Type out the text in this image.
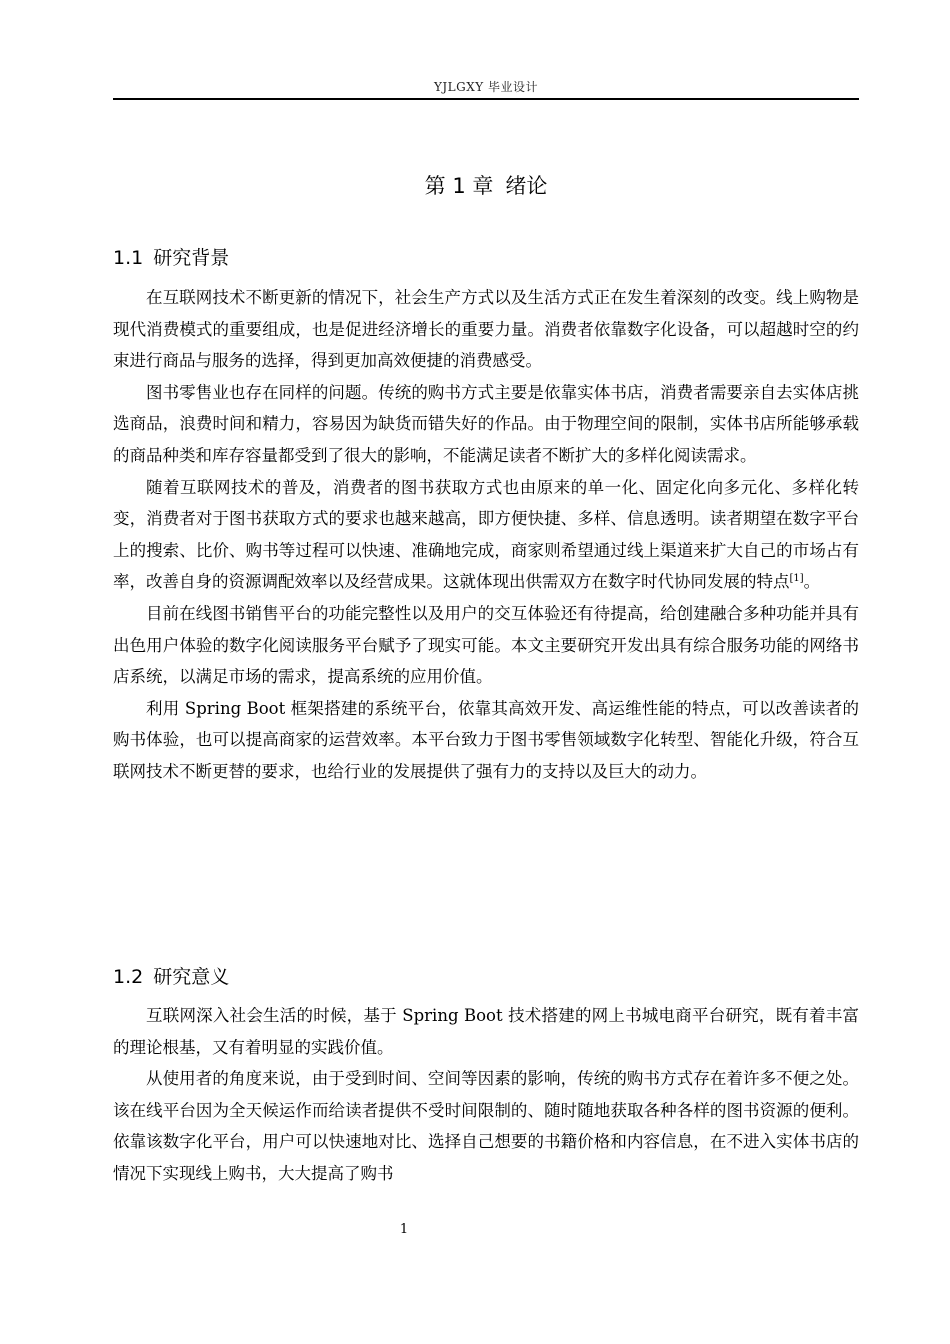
YJLGXY 毕业设计
第 1 章 绪论
1.1 研究背景

在互联网技术不断更新的情况下，社会生产方式以及生活方式正在发生着深刻的改变。线上购物是现代消费模式的重要组成，也是促进经济增长的重要力量。消费者依靠数字化设备，可以超越时空的约束进行商品与服务的选择，得到更加高效便捷的消费感受。

图书零售业也存在同样的问题。传统的购书方式主要是依靠实体书店，消费者需要亲自去实体店挑选商品，浪费时间和精力，容易因为缺货而错失好的作品。由于物理空间的限制，实体书店所能够承载的商品种类和库存容量都受到了很大的影响，不能满足读者不断扩大的多样化阅读需求。

随着互联网技术的普及，消费者的图书获取方式也由原来的单一化、固定化向多元化、多样化转变，消费者对于图书获取方式的要求也越来越高，即方便快捷、多样、信息透明。读者期望在数字平台上的搜索、比价、购书等过程可以快速、准确地完成，商家则希望通过线上渠道来扩大自己的市场占有率，改善自身的资源调配效率以及经营成果。这就体现出供需双方在数字时代协同发展的特点[1]。

目前在线图书销售平台的功能完整性以及用户的交互体验还有待提高，给创建融合多种功能并具有出色用户体验的数字化阅读服务平台赋予了现实可能。本文主要研究开发出具有综合服务功能的网络书店系统，以满足市场的需求，提高系统的应用价值。

利用 Spring Boot 框架搭建的系统平台，依靠其高效开发、高运维性能的特点，可以改善读者的购书体验，也可以提高商家的运营效率。本平台致力于图书零售领域数字化转型、智能化升级，符合互联网技术不断更替的要求，也给行业的发展提供了强有力的支持以及巨大的动力。

1.2 研究意义

互联网深入社会生活的时候，基于 Spring Boot 技术搭建的网上书城电商平台研究，既有着丰富的理论根基，又有着明显的实践价值。

从使用者的角度来说，由于受到时间、空间等因素的影响，传统的购书方式存在着许多不便之处。该在线平台因为全天候运作而给读者提供不受时间限制的、随时随地获取各种各样的图书资源的便利。依靠该数字化平台，用户可以快速地对比、选择自己想要的书籍价格和内容信息，在不进入实体书店的情况下实现线上购书，大大提高了购书

1
